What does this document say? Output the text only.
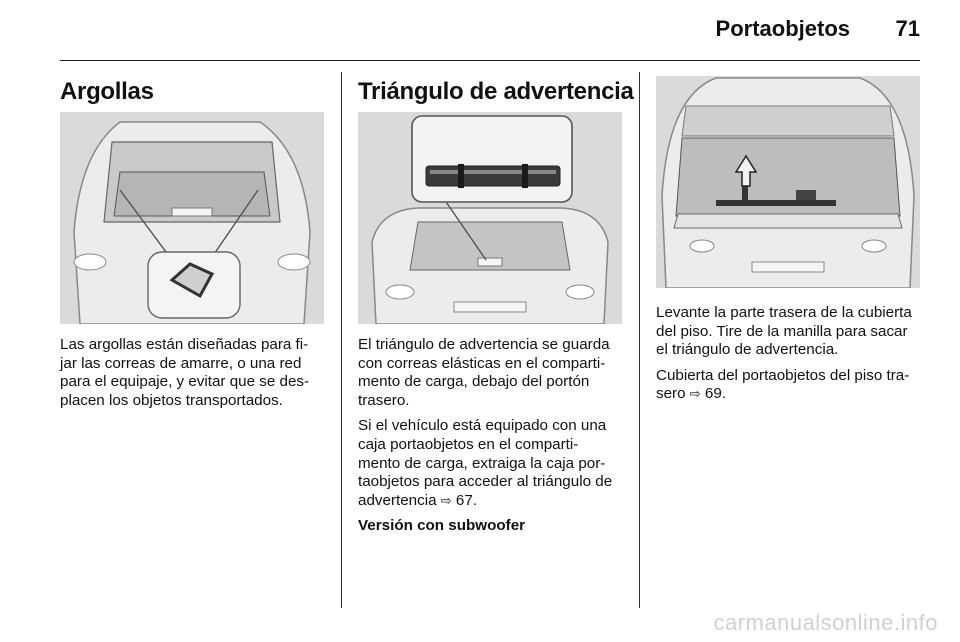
Portaobjetos 71
Argollas

Las argollas están diseñadas para fi-
jar las correas de amarre, o una red
para el equipaje, y evitar que se des-
placen los objetos transportados.

Triángulo de advertencia

El triángulo de advertencia se guarda
con correas elásticas en el comparti-
mento de carga, debajo del portón
trasero.

Si el vehículo está equipado con una
caja portaobjetos en el comparti-
mento de carga, extraiga la caja por-
taobjetos para acceder al triángulo de
advertencia ⇨ 67.

Versión con subwoofer

Levante la parte trasera de la cubierta
del piso. Tire de la manilla para sacar
el triángulo de advertencia.

Cubierta del portaobjetos del piso tra-
sero ⇨ 69.

carmanualsonline.info
